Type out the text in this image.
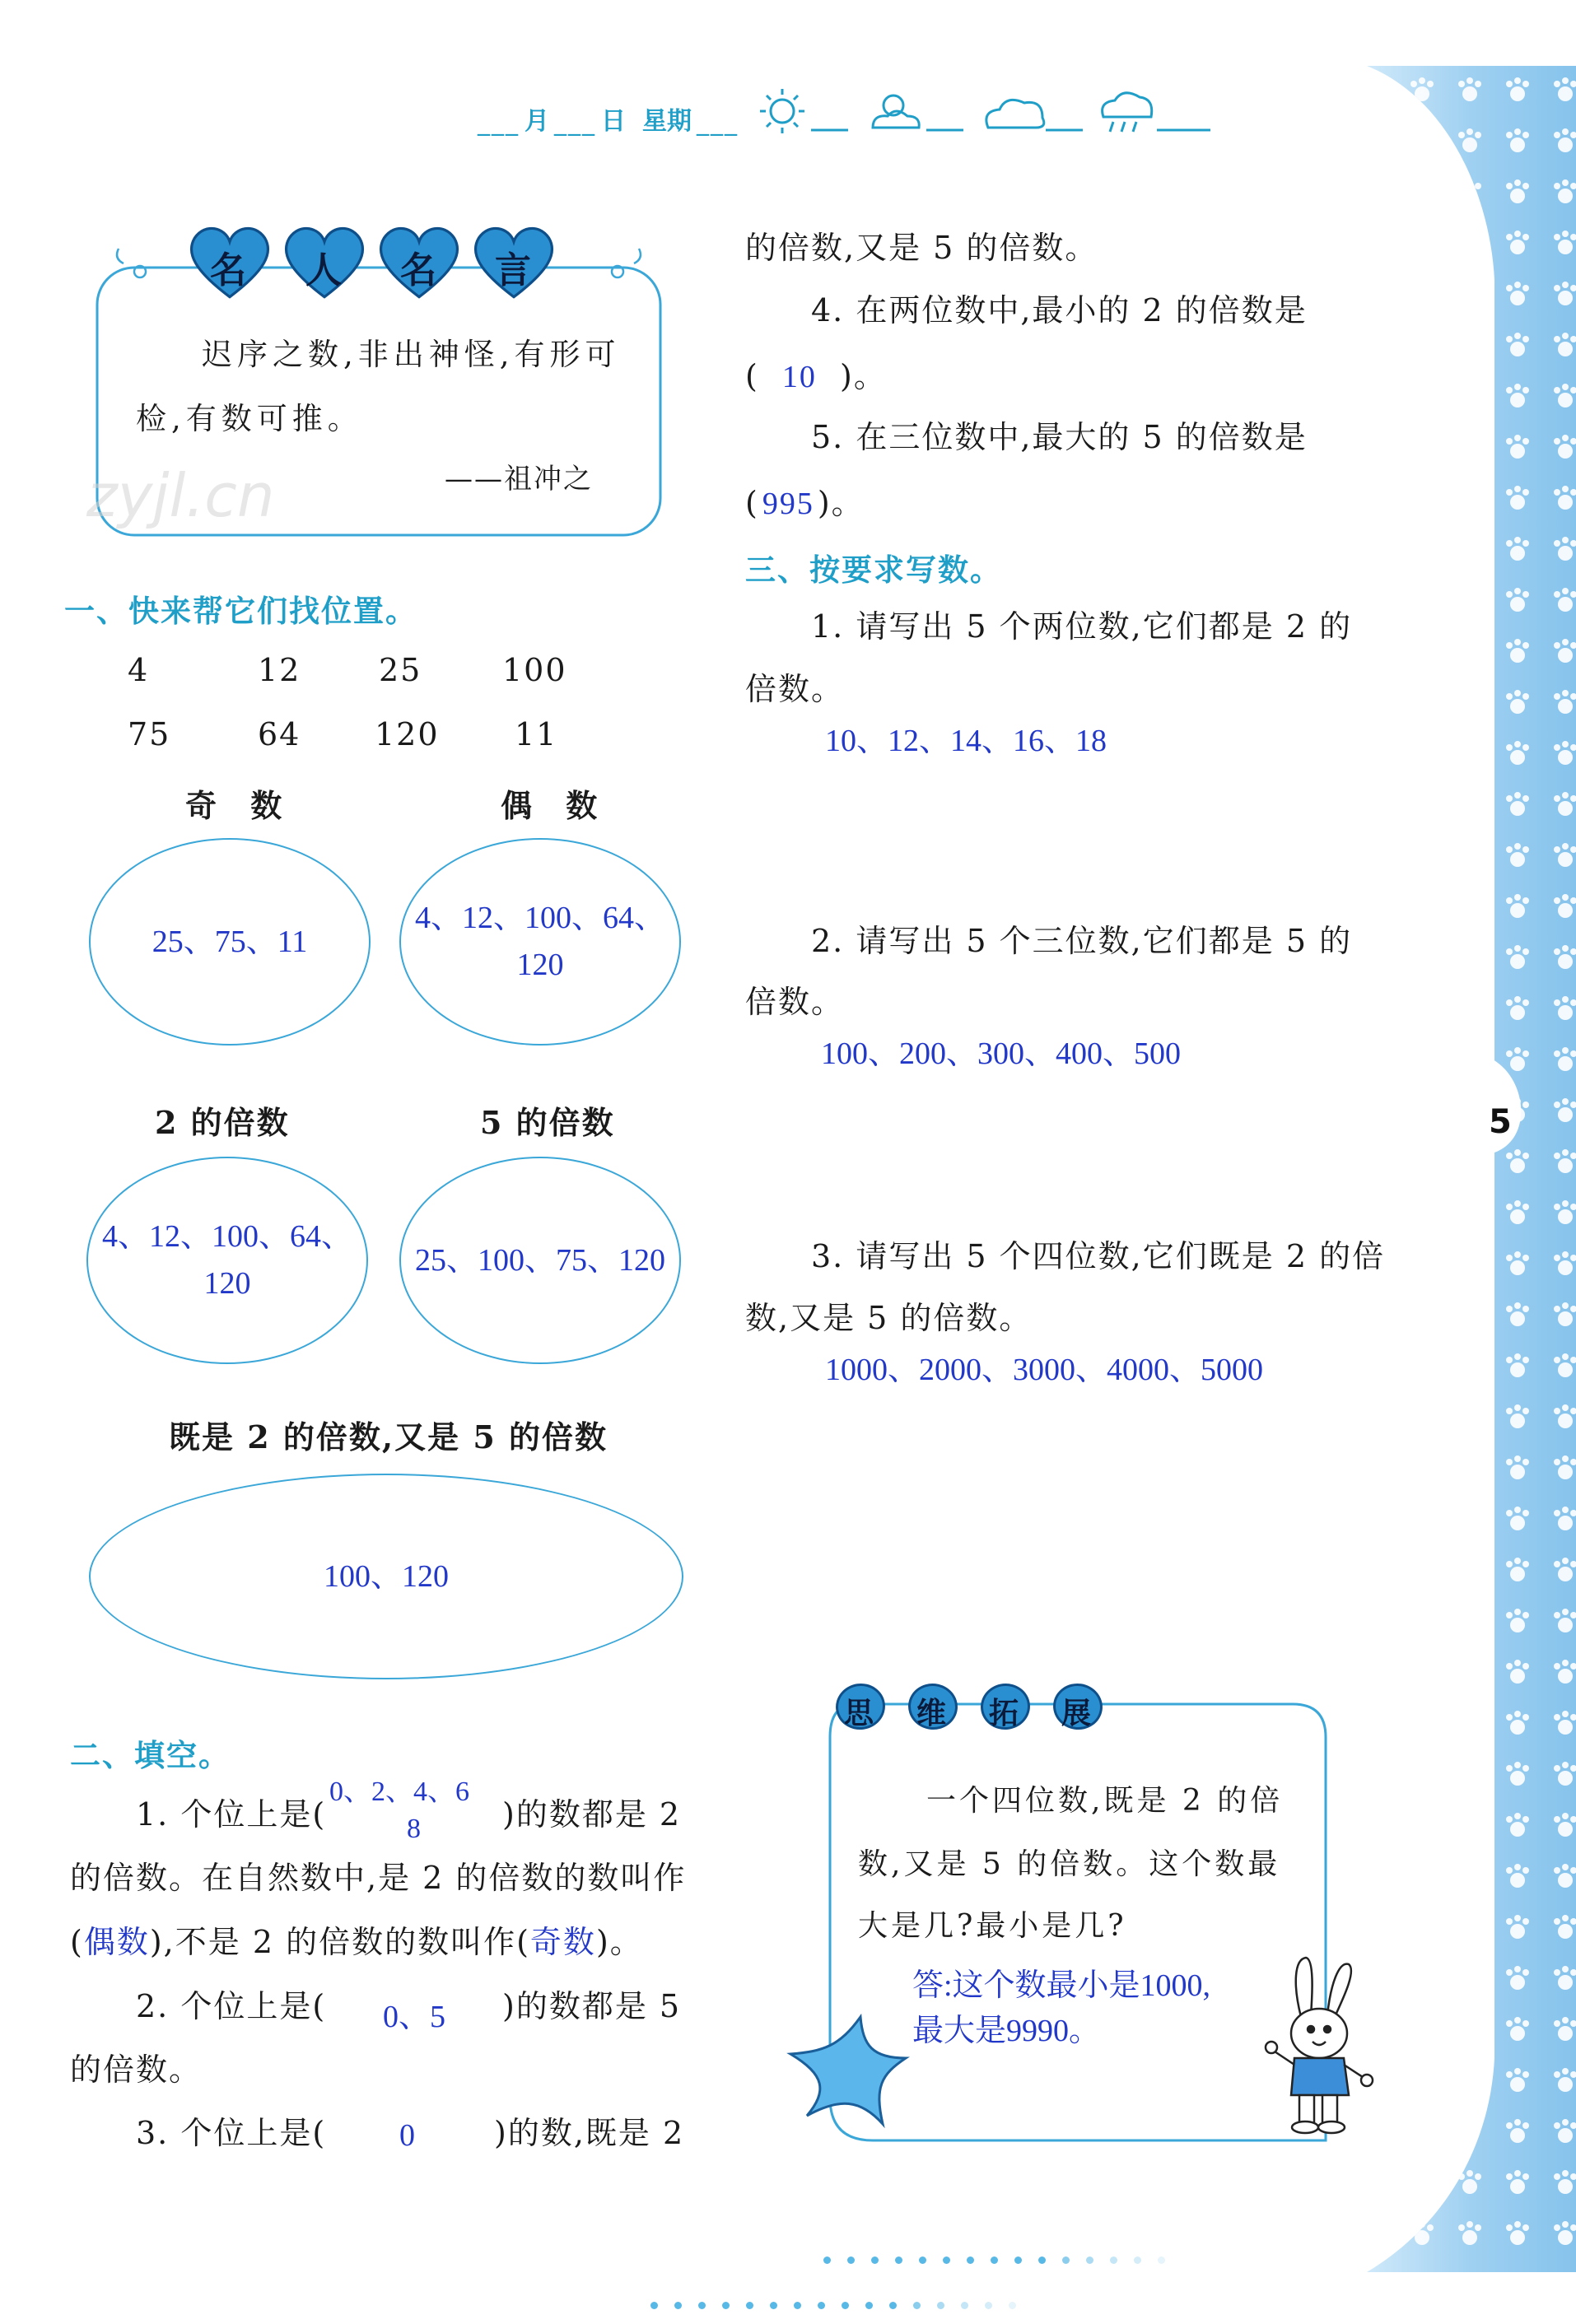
5
___ 月 ___ 日 星期 ___
名 人 名 言
迟序之数,非出神怪,有形可
检,有数可推。
——祖冲之
zyjl.cn
一、快来帮它们找位置。
4	12 25	100
75	64 120 11
奇 数	偶 数
25、75、11
4、12、100、64、
120
2 的倍数	5 的倍数
4、12、100、64、
120
25、100、75、120
既是 2 的倍数,又是 5 的倍数
100、120
二、填空。
1. 个位上是(
0、2、4、6
8	)的数都是 2
的倍数。在自然数中,是 2 的倍数的数叫作
(偶数),不是 2 的倍数的数叫作(奇数)。
2. 个位上是( 0、5 )的数都是 5
的倍数。
3. 个位上是( 0	)的数,既是 2
的倍数,又是 5 的倍数。
4. 在两位数中,最小的 2 的倍数是
( 10 )。
5. 在三位数中,最大的 5 的倍数是
( 995 )。
三、按要求写数。
1. 请写出 5 个两位数,它们都是 2 的
倍数。
10、12、14、16、18
2. 请写出 5 个三位数,它们都是 5 的
倍数。
100、200、300、400、500
3. 请写出 5 个四位数,它们既是 2 的倍
数,又是 5 的倍数。
1000、2000、3000、4000、5000
思 维 拓 展
一个四位数,既是 2 的倍
数,又是 5 的倍数。这个数最
大是几?最小是几?
答:这个数最小是1000,
最大是9990。
